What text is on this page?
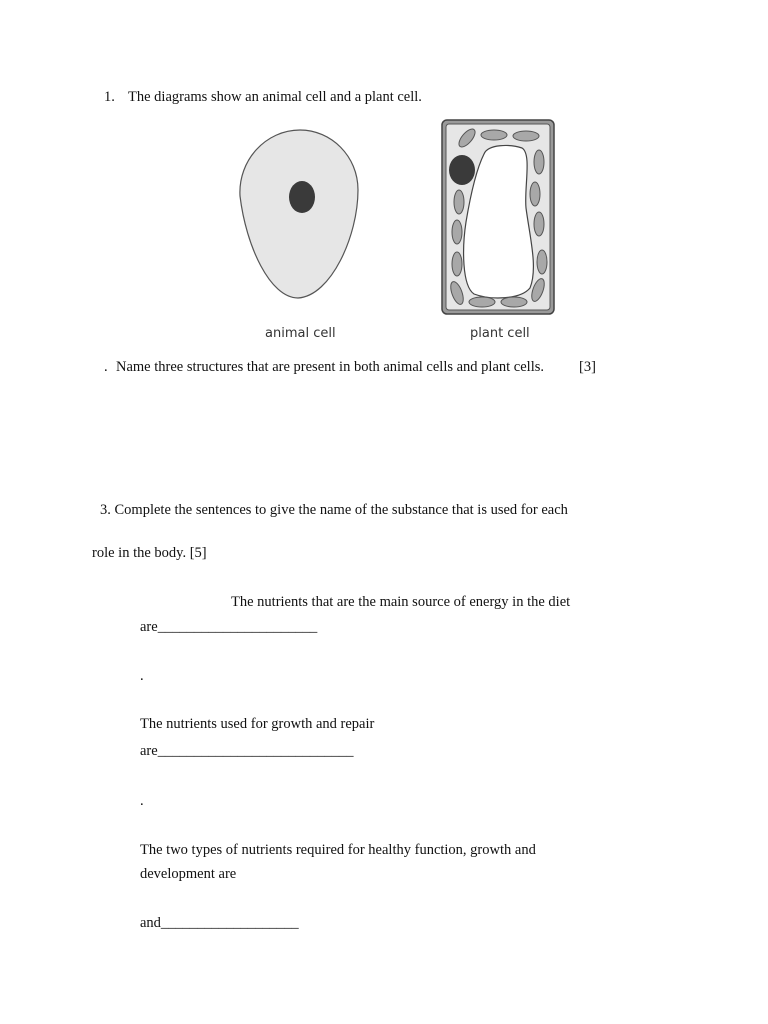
1. The diagrams show an animal cell and a plant cell.
animal cell	plant cell
. Name three structures that are present in both animal cells and plant cells. [3]
3. Complete the sentences to give the name of the substance that is used for each
role in the body. [5]
The nutrients that are the main source of energy in the diet
are______________________
.
The nutrients used for growth and repair
are___________________________
.
The two types of nutrients required for healthy function, growth and
development are
and___________________
